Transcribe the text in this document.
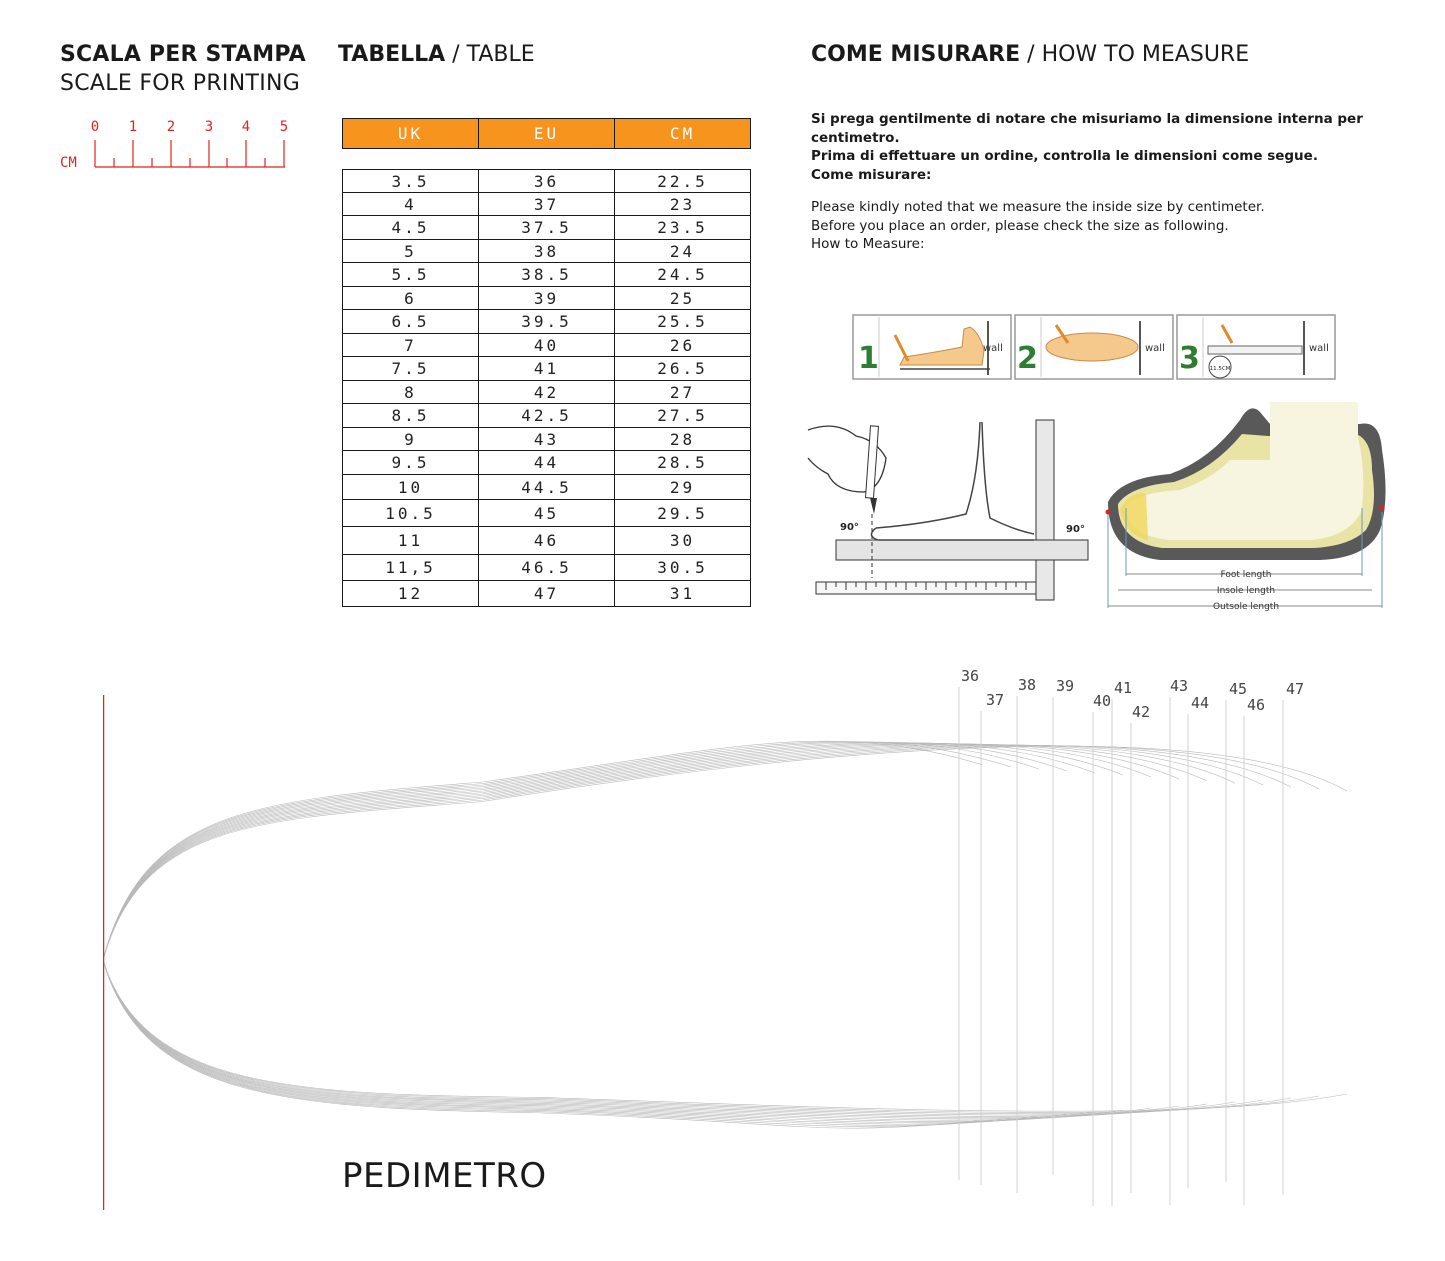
SCALA PER STAMPA
SCALE FOR PRINTING
0 1 2 3 4 5
CM
TABELLA / TABLE
UK	EU	CM
3.5	36	22.5
4	37	23
4.5	37.5	23.5
5	38	24
5.5	38.5	24.5
6	39	25
6.5	39.5	25.5
7	40	26
7.5	41	26.5
8	42	27
8.5	42.5	27.5
9	43	28
9.5	44	28.5
10	44.5	29
10.5	45	29.5
11	46	30
11,5	46.5	30.5
12	47	31
COME MISURARE / HOW TO MEASURE
Si prega gentilmente di notare che misuriamo la dimensione interna per centimetro.
Prima di effettuare un ordine, controlla le dimensioni come segue.
Come misurare:
Please kindly noted that we measure the inside size by centimeter.
Before you place an order, please check the size as following.
How to Measure:
1	wall 2	wall 3 11.5CM
wall
90°	90°
Foot length
Insole length
Outsole length
36
37
38 39
40
41
42
43
44
45
46
47
PEDIMETRO
